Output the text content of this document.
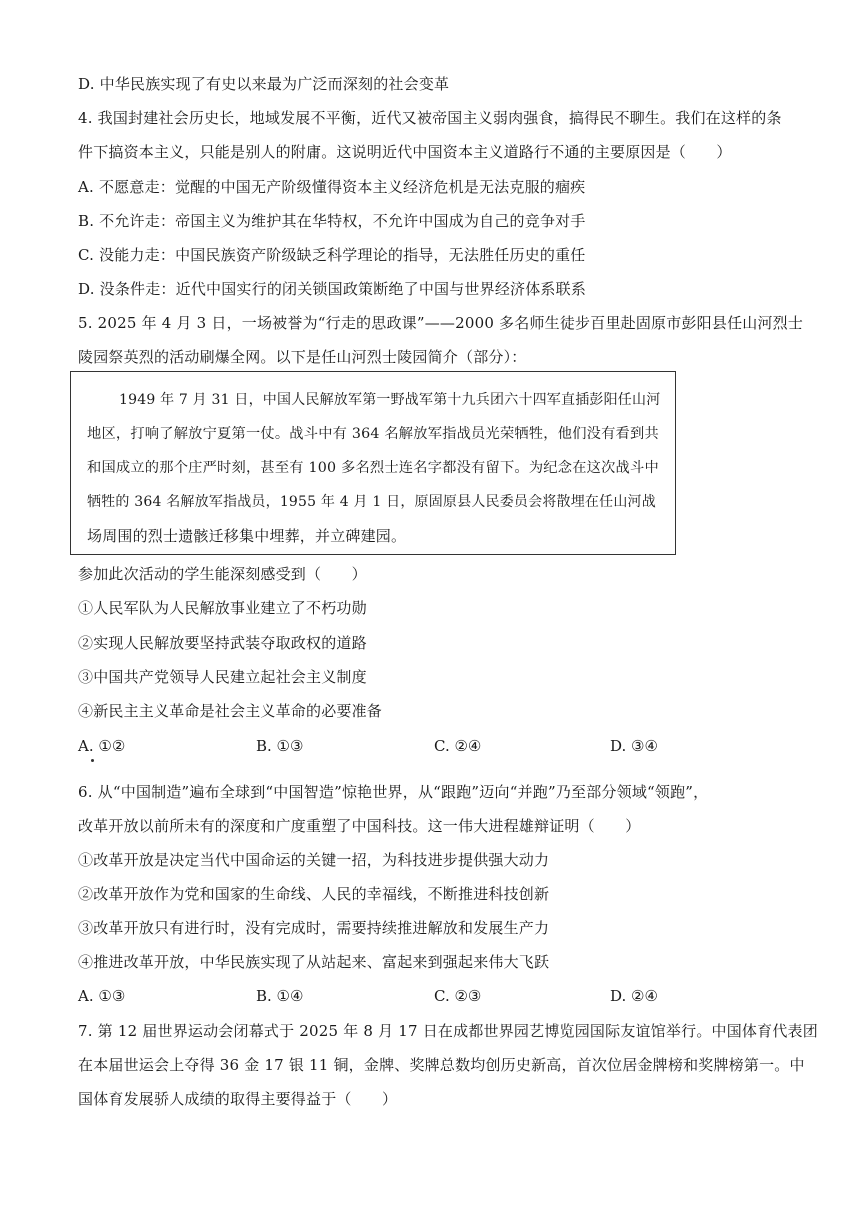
D. 中华民族实现了有史以来最为广泛而深刻的社会变革
4. 我国封建社会历史长，地域发展不平衡，近代又被帝国主义弱肉强食，搞得民不聊生。我们在这样的条
件下搞资本主义，只能是别人的附庸。这说明近代中国资本主义道路行不通的主要原因是（　　）
A. 不愿意走：觉醒的中国无产阶级懂得资本主义经济危机是无法克服的痼疾
B. 不允许走：帝国主义为维护其在华特权，不允许中国成为自己的竞争对手
C. 没能力走：中国民族资产阶级缺乏科学理论的指导，无法胜任历史的重任
D. 没条件走：近代中国实行的闭关锁国政策断绝了中国与世界经济体系联系
5. 2025 年 4 月 3 日，一场被誉为“行走的思政课”——2000 多名师生徒步百里赴固原市彭阳县任山河烈士
陵园祭英烈的活动刷爆全网。以下是任山河烈士陵园简介（部分）：
1949 年 7 月 31 日，中国人民解放军第一野战军第十九兵团六十四军直插彭阳任山河
地区，打响了解放宁夏第一仗。战斗中有 364 名解放军指战员光荣牺牲，他们没有看到共
和国成立的那个庄严时刻，甚至有 100 多名烈士连名字都没有留下。为纪念在这次战斗中
牺牲的 364 名解放军指战员，1955 年 4 月 1 日，原固原县人民委员会将散埋在任山河战
场周围的烈士遗骸迁移集中埋葬，并立碑建园。
参加此次活动的学生能深刻感受到（　　）
①人民军队为人民解放事业建立了不朽功勋
②实现人民解放要坚持武装夺取政权的道路
③中国共产党领导人民建立起社会主义制度
④新民主主义革命是社会主义革命的必要准备
A. ①②	B. ①③	C. ②④	D. ③④
6. 从“中国制造”遍布全球到“中国智造”惊艳世界，从“跟跑”迈向“并跑”乃至部分领域“领跑”，
改革开放以前所未有的深度和广度重塑了中国科技。这一伟大进程雄辩证明（　　）
①改革开放是决定当代中国命运的关键一招，为科技进步提供强大动力
②改革开放作为党和国家的生命线、人民的幸福线，不断推进科技创新
③改革开放只有进行时，没有完成时，需要持续推进解放和发展生产力
④推进改革开放，中华民族实现了从站起来、富起来到强起来伟大飞跃
A. ①③	B. ①④	C. ②③	D. ②④
7. 第 12 届世界运动会闭幕式于 2025 年 8 月 17 日在成都世界园艺博览园国际友谊馆举行。中国体育代表团
在本届世运会上夺得 36 金 17 银 11 铜，金牌、奖牌总数均创历史新高，首次位居金牌榜和奖牌榜第一。中
国体育发展骄人成绩的取得主要得益于（　　）
